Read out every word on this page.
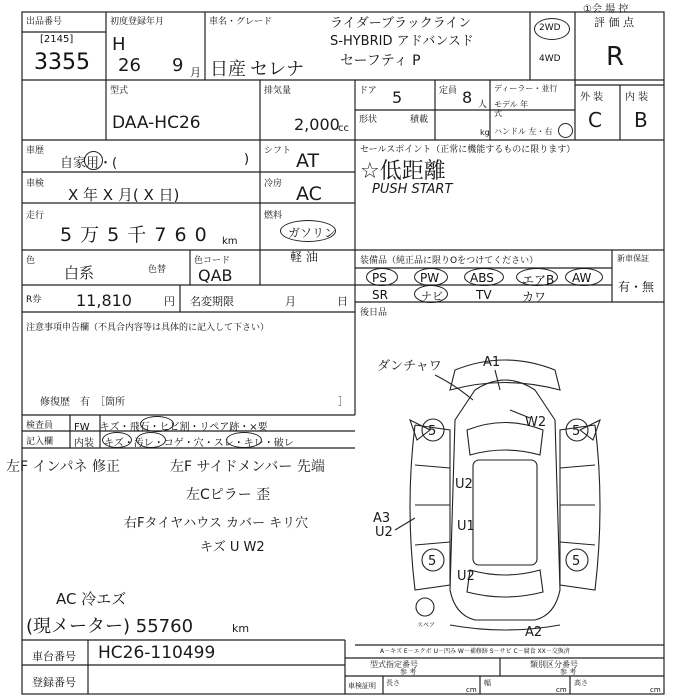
①会 場 控
出品番号
[2145]
3355
初度登録年月
H
26 9 月
車名・グレード
日産 セレナ
ライダーブラックライン
S-HYBRID アドバンスド
セーフティ P
2WD
4WD
評 価 点
R
外 装 内 装
C B
型式
DAA-HC26
排気量
2,000
cc
ドア 5	定員 8 人
形状	積載
kg
ディーラー・並行
モデル 年式
ハンドル 左・右
車歴
自家用・(	)
車検
X 年 X 月( X 日)
走行
5 万 5 千 7 6 0 km
色
白系	色替
色コード
QAB
R券 11,810	円 名変期限	月	日
シフト AT
冷房 AC
燃料
ガソリン
軽 油
セールスポイント（正常に機能するものに限ります）
☆低距離
PUSH START
装備品（純正品に限りOをつけてください）	新車保証
PS	PW	ABS エアB AW
SR	ナビ	TV	カワ
有・無
後日品
注意事項申告欄（不具合内容等は具体的に記入して下さい）
修復歴　有　［箇所	］
検査員
記入欄
FW　キズ・飛石・ヒビ割・リペア跡・×要
内装　キズ・汚レ・コゲ・穴・スレ・キレ・破レ
左F インパネ 修正	左F サイドメンバー 先端
左Cピラー 歪
右Fタイヤハウス カバー キリ穴
キズ U W2
AC 冷エズ
(現メーター) 55760	km
ダンチャワ	A1
W2
U2
U1
U2
A3
U2
A2
5	5
5	5
スペア
A－キズ E－エクボ U－凹み W－補修跡 S－サビ C－腐食 XX－交換済
車台番号 HC26-110499
登録番号
型式指定番号
参 考
類別区分番号
参 考
車検証明 長さ
cm
幅
cm
高さ
cm
